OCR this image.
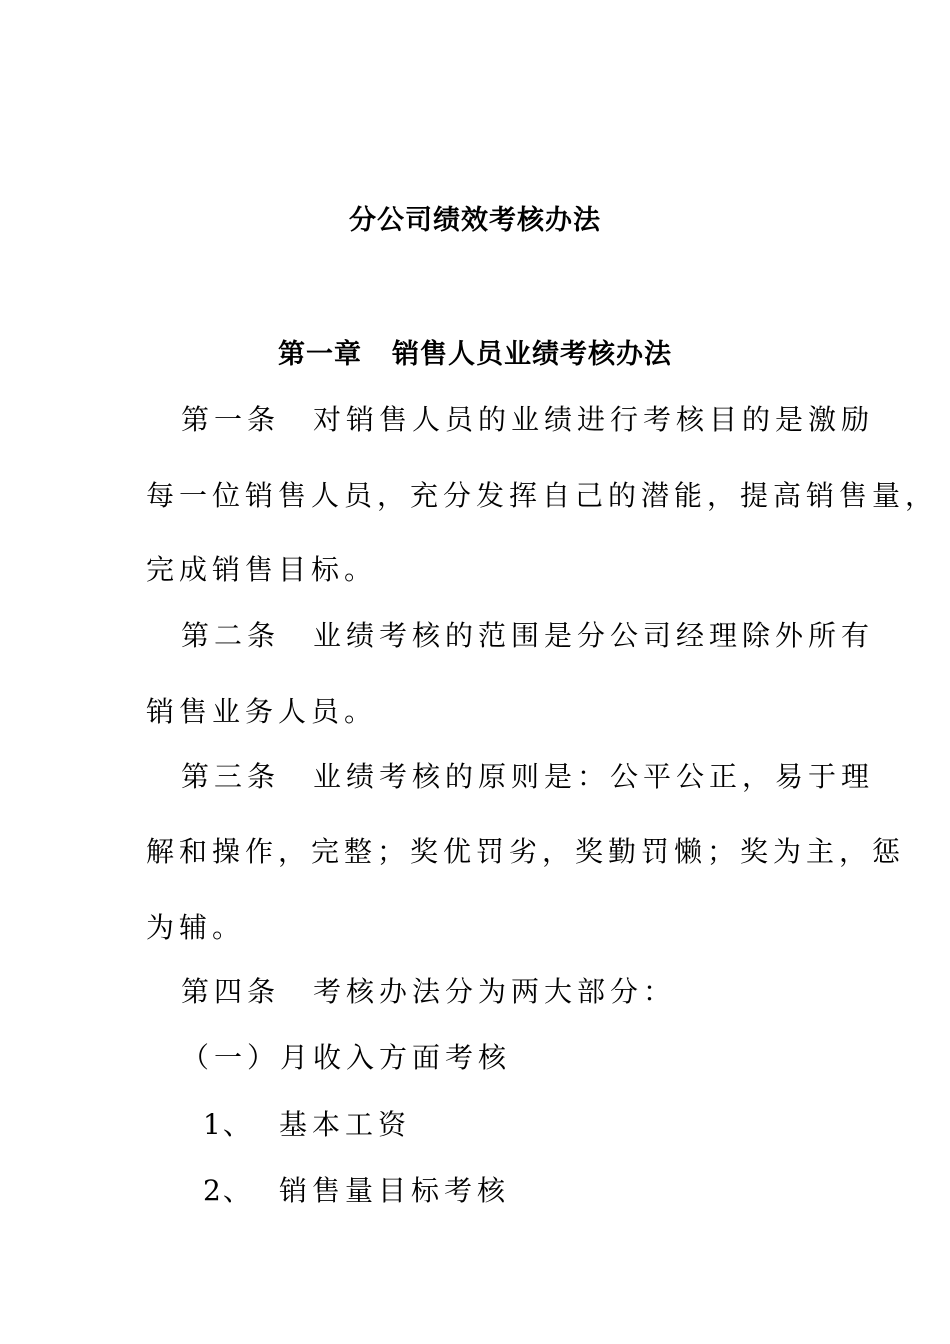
分公司绩效考核办法
第一章 销售人员业绩考核办法
第一条 对销售人员的业绩进行考核目的是激励
每一位销售人员，充分发挥自己的潜能，提高销售量，
完成销售目标。
第二条 业绩考核的范围是分公司经理除外所有
销售业务人员。
第三条 业绩考核的原则是：公平公正，易于理
解和操作，完整；奖优罚劣，奖勤罚懒；奖为主，惩
为辅。
第四条 考核办法分为两大部分：
（一）月收入方面考核
1、 基本工资
2、 销售量目标考核
